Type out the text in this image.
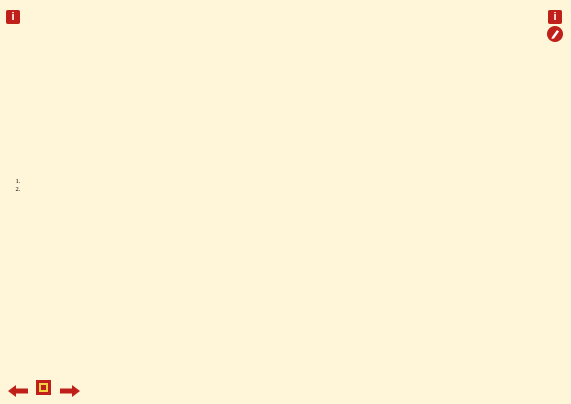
i	i

1.
2.
